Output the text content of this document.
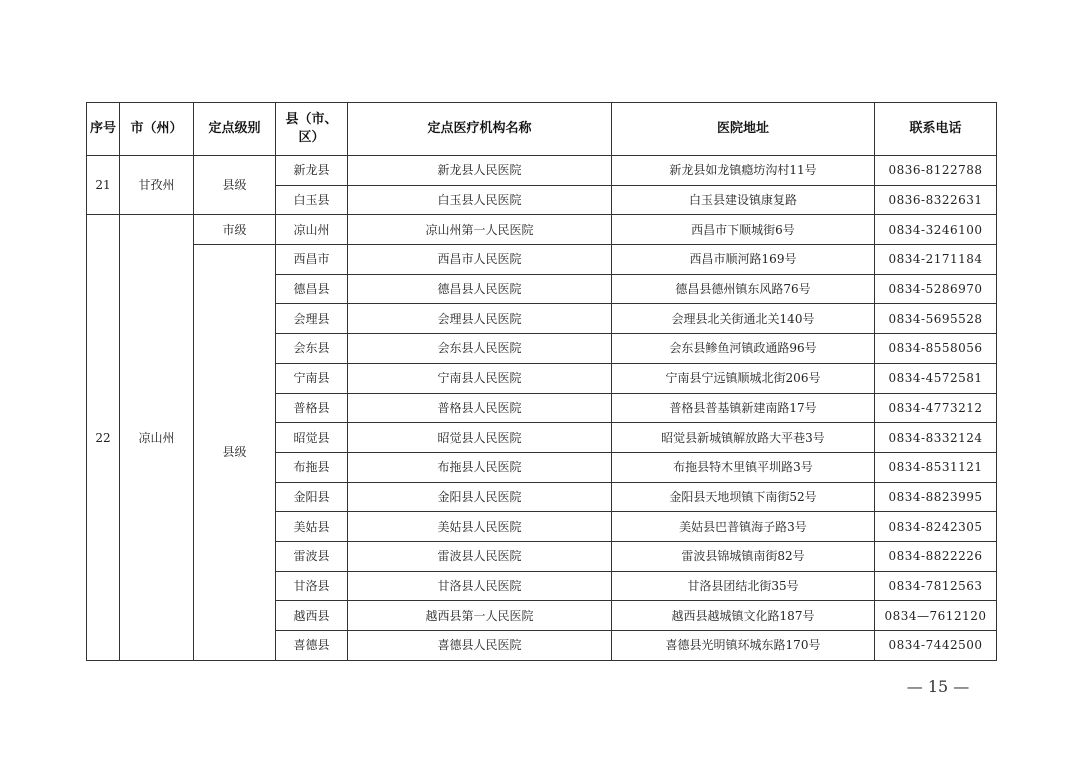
序号	市（州）	定点级别	县（市、区）	定点医疗机构名称	医院地址	联系电话
21	甘孜州	县级	新龙县	新龙县人民医院	新龙县如龙镇瘾坊沟村11号	0836-8122788
			白玉县	白玉县人民医院	白玉县建设镇康复路	0836-8322631
22	凉山州	市级	凉山州	凉山州第一人民医院	西昌市下顺城街6号	0834-3246100
		县级	西昌市	西昌市人民医院	西昌市顺河路169号	0834-2171184
			德昌县	德昌县人民医院	德昌县德州镇东风路76号	0834-5286970
			会理县	会理县人民医院	会理县北关街通北关140号	0834-5695528
			会东县	会东县人民医院	会东县鲹鱼河镇政通路96号	0834-8558056
			宁南县	宁南县人民医院	宁南县宁远镇顺城北街206号	0834-4572581
			普格县	普格县人民医院	普格县普基镇新建南路17号	0834-4773212
			昭觉县	昭觉县人民医院	昭觉县新城镇解放路大平巷3号	0834-8332124
			布拖县	布拖县人民医院	布拖县特木里镇平圳路3号	0834-8531121
			金阳县	金阳县人民医院	金阳县天地坝镇下南街52号	0834-8823995
			美姑县	美姑县人民医院	美姑县巴普镇海子路3号	0834-8242305
			雷波县	雷波县人民医院	雷波县锦城镇南街82号	0834-8822226
			甘洛县	甘洛县人民医院	甘洛县团结北街35号	0834-7812563
			越西县	越西县第一人民医院	越西县越城镇文化路187号	0834—7612120
			喜德县	喜德县人民医院	喜德县光明镇环城东路170号	0834-7442500
— 15 —
